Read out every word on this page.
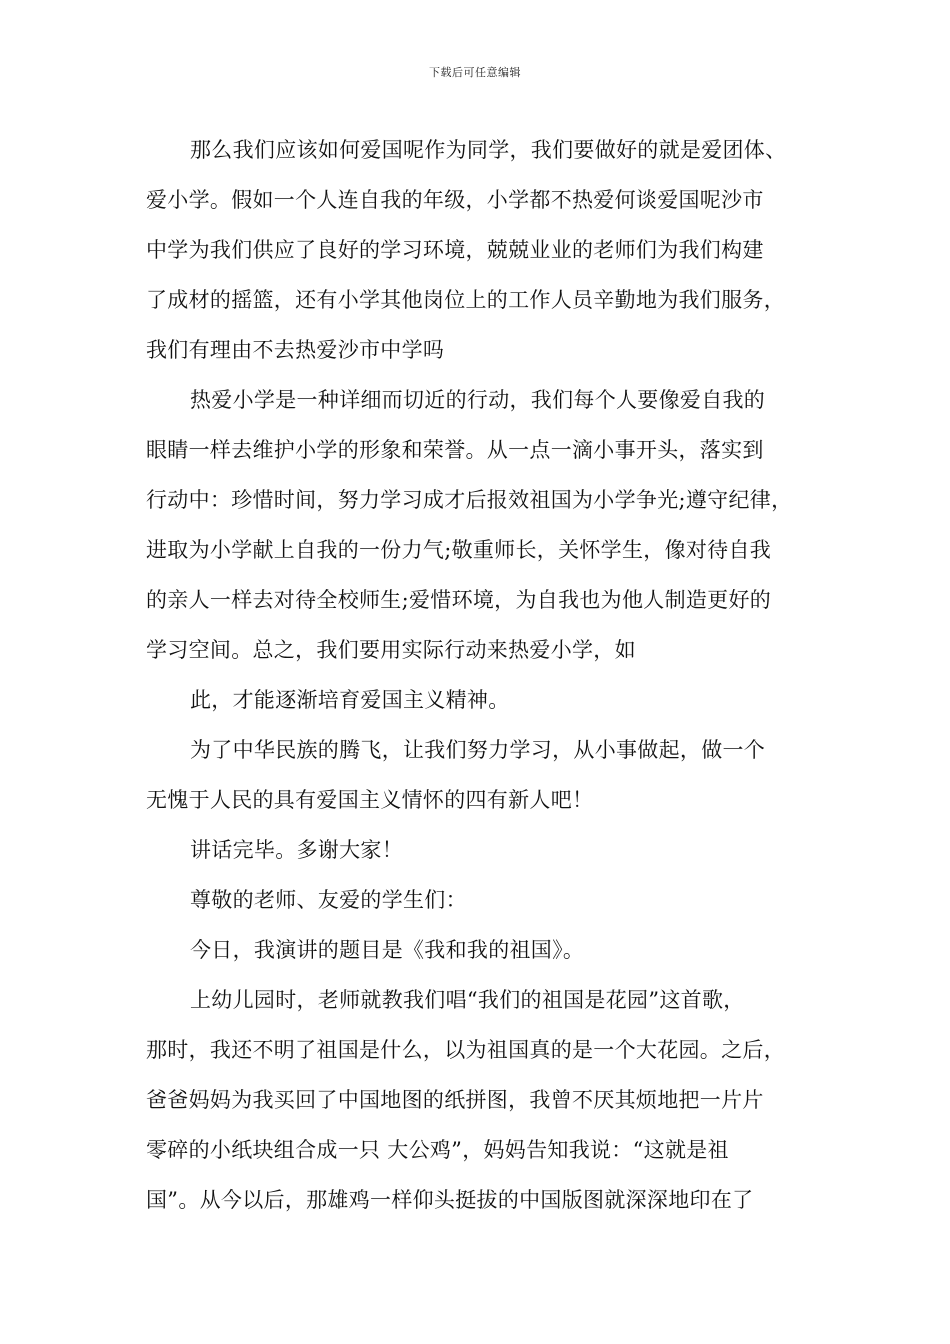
下载后可任意编辑
那么我们应该如何爱国呢作为同学，我们要做好的就是爱团体、
爱小学。假如一个人连自我的年级，小学都不热爱何谈爱国呢沙市
中学为我们供应了良好的学习环境，兢兢业业的老师们为我们构建
了成材的摇篮，还有小学其他岗位上的工作人员辛勤地为我们服务，
我们有理由不去热爱沙市中学吗
热爱小学是一种详细而切近的行动，我们每个人要像爱自我的
眼睛一样去维护小学的形象和荣誉。从一点一滴小事开头，落实到
行动中：珍惜时间，努力学习成才后报效祖国为小学争光;遵守纪律，
进取为小学献上自我的一份力气;敬重师长，关怀学生，像对待自我
的亲人一样去对待全校师生;爱惜环境，为自我也为他人制造更好的
学习空间。总之，我们要用实际行动来热爱小学，如
此，才能逐渐培育爱国主义精神。
为了中华民族的腾飞，让我们努力学习，从小事做起，做一个
无愧于人民的具有爱国主义情怀的四有新人吧！
讲话完毕。多谢大家！
尊敬的老师、友爱的学生们：
今日，我演讲的题目是《我和我的祖国》。
上幼儿园时，老师就教我们唱“我们的祖国是花园”这首歌，
那时，我还不明了祖国是什么，以为祖国真的是一个大花园。之后，
爸爸妈妈为我买回了中国地图的纸拼图，我曾不厌其烦地把一片片
零碎的小纸块组合成一只 大公鸡”，妈妈告知我说：“这就是祖
国”。从今以后，那雄鸡一样仰头挺拔的中国版图就深深地印在了
